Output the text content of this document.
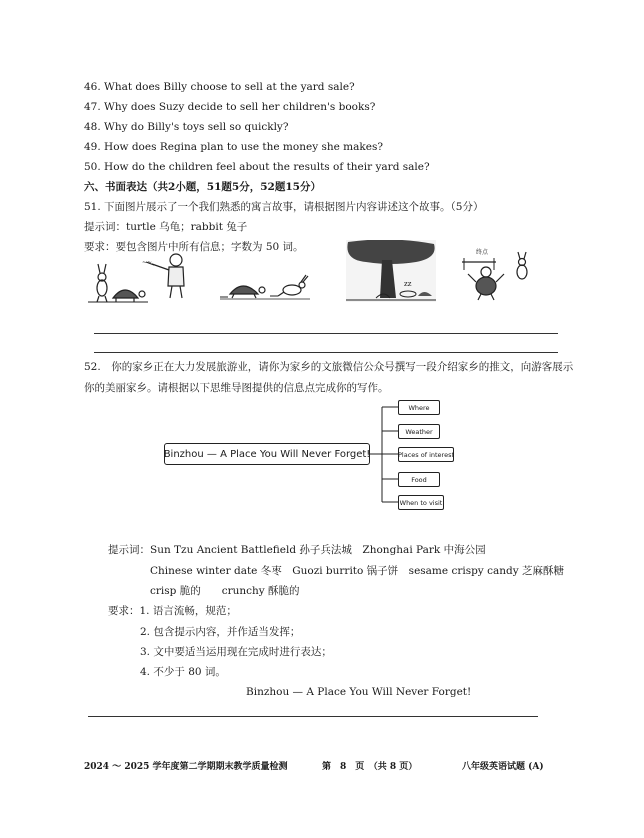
46. What does Billy choose to sell at the yard sale?
47. Why does Suzy decide to sell her children's books?
48. Why do Billy's toys sell so quickly?
49. How does Regina plan to use the money she makes?
50. How do the children feel about the results of their yard sale?
六、书面表达（共2小题，51题5分，52题15分）
51. 下面图片展示了一个我们熟悉的寓言故事，请根据图片内容讲述这个故事。（5分）
提示词：turtle 乌龟；rabbit 兔子
要求：要包含图片中所有信息；字数为 50 词。
~~
zz
终点
52.　你的家乡正在大力发展旅游业，请你为家乡的文旅微信公众号撰写一段介绍家乡的推文，向游客展示
你的美丽家乡。请根据以下思维导图提供的信息点完成你的写作。
Binzhou — A Place You Will Never Forget!
Where
Weather
Places of interest
Food
When to visit
提示词：Sun Tzu Ancient Battlefield 孙子兵法城　Zhonghai Park 中海公园
Chinese winter date 冬枣　Guozi burrito 锅子饼　sesame crispy candy 芝麻酥糖
crisp 脆的　　crunchy 酥脆的
要求：1. 语言流畅，规范；
2. 包含提示内容，并作适当发挥；
3. 文中要适当运用现在完成时进行表达；
4. 不少于 80 词。
Binzhou — A Place You Will Never Forget!
2024 ～ 2025 学年度第二学期期末教学质量检测	第　8　页　（共 8 页）	八年级英语试题 (A)
